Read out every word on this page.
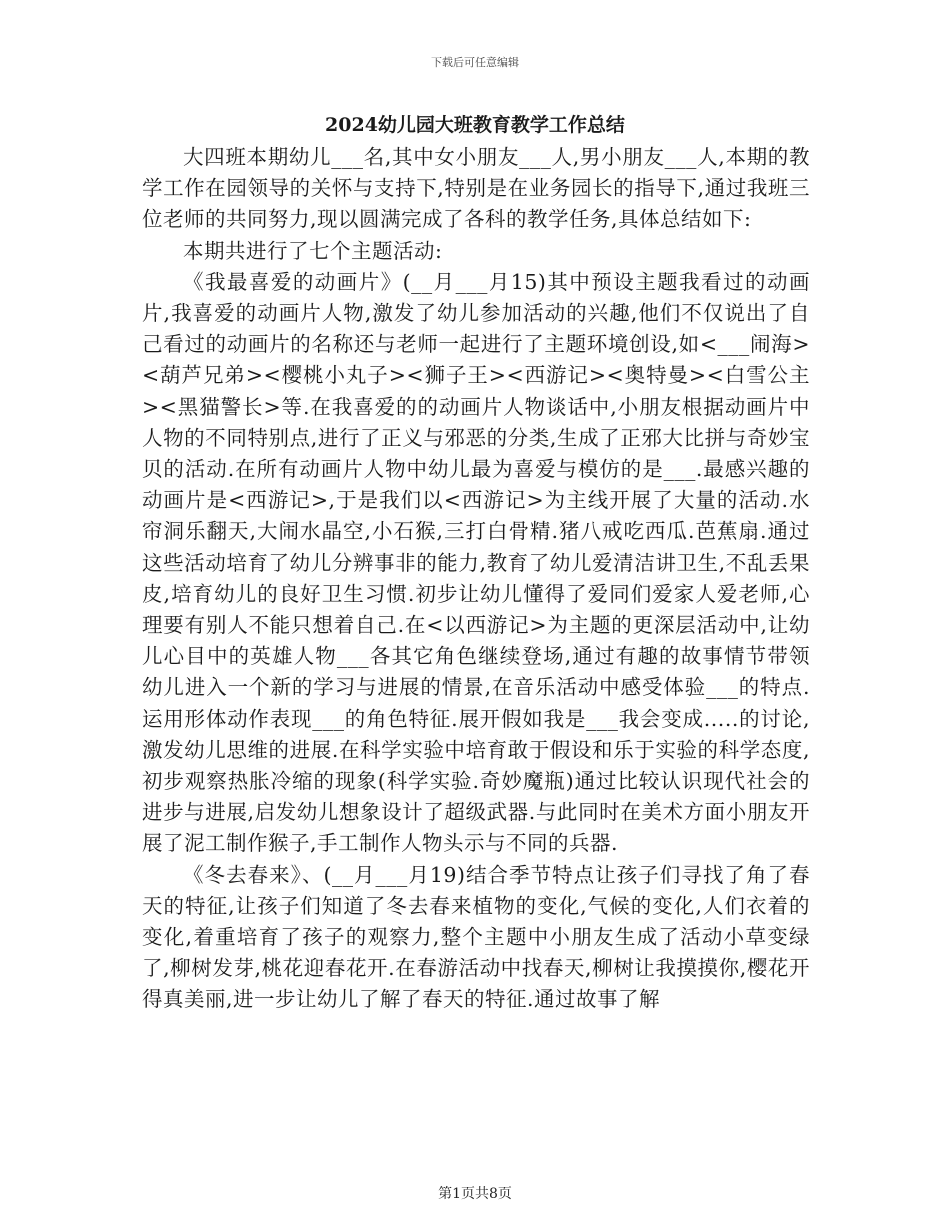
下载后可任意编辑
2024幼儿园大班教育教学工作总结

大四班本期幼儿___名,其中女小朋友___人,男小朋友___人,本期的教学工作在园领导的关怀与支持下,特别是在业务园长的指导下,通过我班三位老师的共同努力,现以圆满完成了各科的教学任务,具体总结如下:

本期共进行了七个主题活动:

《我最喜爱的动画片》(__月___月15)其中预设主题我看过的动画片,我喜爱的动画片人物,激发了幼儿参加活动的兴趣,他们不仅说出了自己看过的动画片的名称还与老师一起进行了主题环境创设,如<___闹海><葫芦兄弟><樱桃小丸子><狮子王><西游记><奥特曼><白雪公主><黑猫警长>等.在我喜爱的的动画片人物谈话中,小朋友根据动画片中人物的不同特别点,进行了正义与邪恶的分类,生成了正邪大比拼与奇妙宝贝的活动.在所有动画片人物中幼儿最为喜爱与模仿的是___.最感兴趣的动画片是<西游记>,于是我们以<西游记>为主线开展了大量的活动.水帘洞乐翻天,大闹水晶空,小石猴,三打白骨精.猪八戒吃西瓜.芭蕉扇.通过这些活动培育了幼儿分辨事非的能力,教育了幼儿爱清洁讲卫生,不乱丢果皮,培育幼儿的良好卫生习惯.初步让幼儿懂得了爱同们爱家人爱老师,心理要有别人不能只想着自己.在<以西游记>为主题的更深层活动中,让幼儿心目中的英雄人物___各其它角色继续登场,通过有趣的故事情节带领幼儿进入一个新的学习与进展的情景,在音乐活动中感受体验___的特点.运用形体动作表现___的角色特征.展开假如我是___我会变成.....的讨论,激发幼儿思维的进展.在科学实验中培育敢于假设和乐于实验的科学态度,初步观察热胀冷缩的现象(科学实验.奇妙魔瓶)通过比较认识现代社会的进步与进展,启发幼儿想象设计了超级武器.与此同时在美术方面小朋友开展了泥工制作猴子,手工制作人物头示与不同的兵器.

《冬去春来》、(__月___月19)结合季节特点让孩子们寻找了角了春天的特征,让孩子们知道了冬去春来植物的变化,气候的变化,人们衣着的变化,着重培育了孩子的观察力,整个主题中小朋友生成了活动小草变绿了,柳树发芽,桃花迎春花开.在春游活动中找春天,柳树让我摸摸你,樱花开得真美丽,进一步让幼儿了解了春天的特征.通过故事了解

第1页共8页
